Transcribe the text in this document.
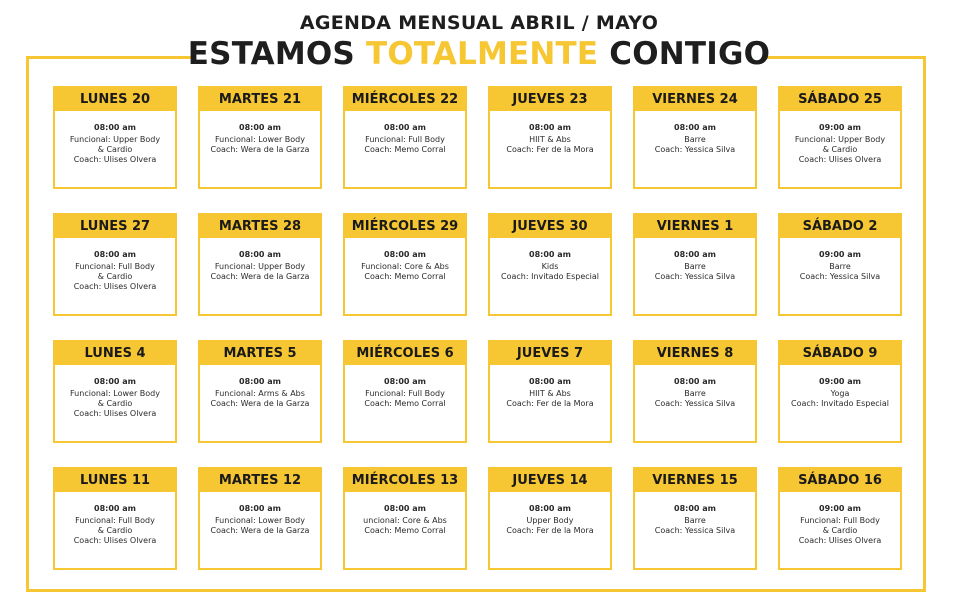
AGENDA MENSUAL ABRIL / MAYO
ESTAMOS TOTALMENTE CONTIGO
LUNES 20
08:00 am
Funcional: Upper Body
& Cardio
Coach: Ulises Olvera
MARTES 21
08:00 am
Funcional: Lower Body
Coach: Wera de la Garza
MIÉRCOLES 22
08:00 am
Funcional: Full Body
Coach: Memo Corral
JUEVES 23
08:00 am
HIIT & Abs
Coach: Fer de la Mora
VIERNES 24
08:00 am
Barre
Coach: Yessica Silva
SÁBADO 25
09:00 am
Funcional: Upper Body
& Cardio
Coach: Ulises Olvera
LUNES 27
08:00 am
Funcional: Full Body
& Cardio
Coach: Ulises Olvera
MARTES 28
08:00 am
Funcional: Upper Body
Coach: Wera de la Garza
MIÉRCOLES 29
08:00 am
Funcional: Core & Abs
Coach: Memo Corral
JUEVES 30
08:00 am
Kids
Coach: Invitado Especial
VIERNES 1
08:00 am
Barre
Coach: Yessica Silva
SÁBADO 2
09:00 am
Barre
Coach: Yessica Silva
LUNES 4
08:00 am
Funcional: Lower Body
& Cardio
Coach: Ulises Olvera
MARTES 5
08:00 am
Funcional: Arms & Abs
Coach: Wera de la Garza
MIÉRCOLES 6
08:00 am
Funcional: Full Body
Coach: Memo Corral
JUEVES 7
08:00 am
HIIT & Abs
Coach: Fer de la Mora
VIERNES 8
08:00 am
Barre
Coach: Yessica Silva
SÁBADO 9
09:00 am
Yoga
Coach: Invitado Especial
LUNES 11
08:00 am
Funcional: Full Body
& Cardio
Coach: Ulises Olvera
MARTES 12
08:00 am
Funcional: Lower Body
Coach: Wera de la Garza
MIÉRCOLES 13
08:00 am
uncional: Core & Abs
Coach: Memo Corral
JUEVES 14
08:00 am
Upper Body
Coach: Fer de la Mora
VIERNES 15
08:00 am
Barre
Coach: Yessica Silva
SÁBADO 16
09:00 am
Funcional: Full Body
& Cardio
Coach: Ulises Olvera
